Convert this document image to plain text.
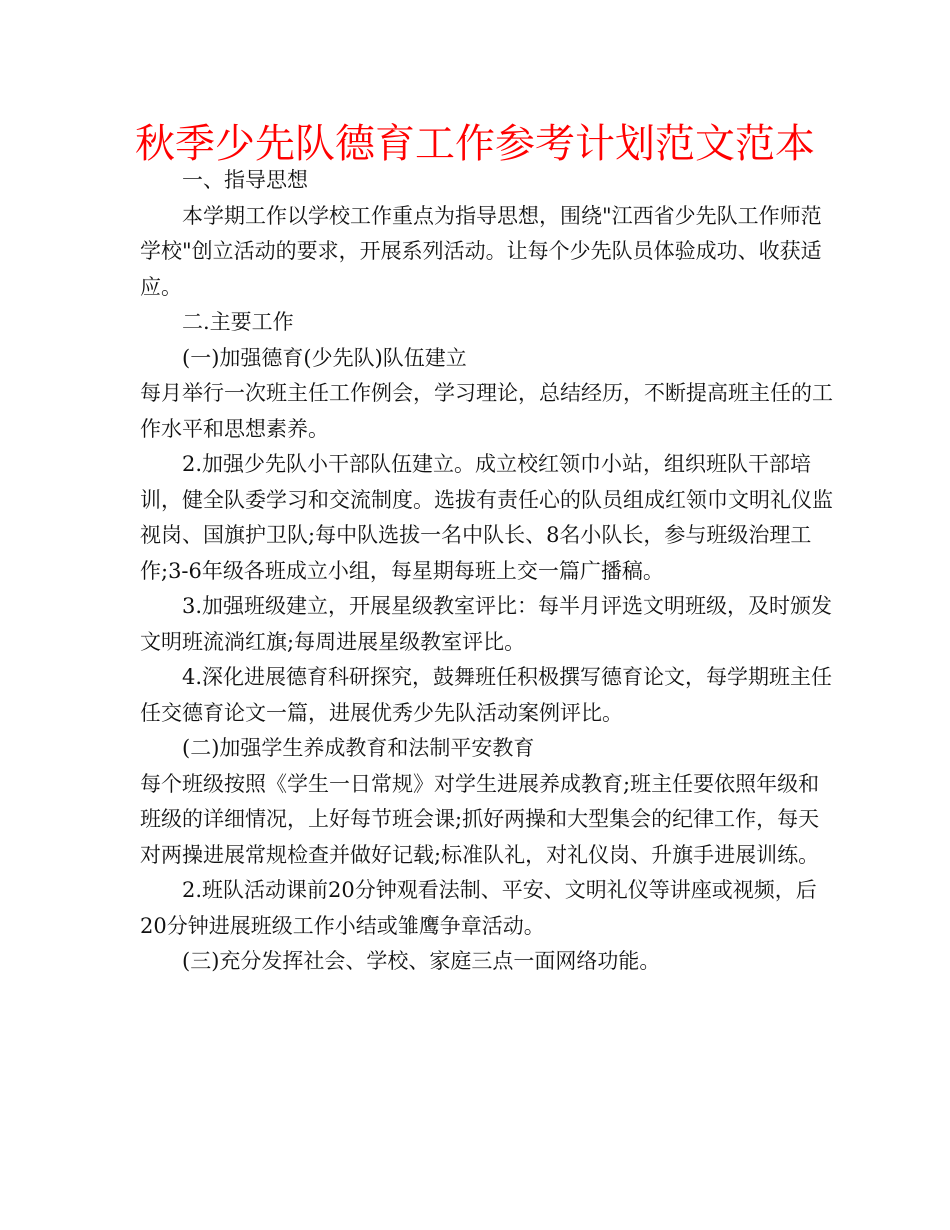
秋季少先队德育工作参考计划范文范本

一、指导思想

本学期工作以学校工作重点为指导思想，围绕"江西省少先队工作师范学校"创立活动的要求，开展系列活动。让每个少先队员体验成功、收获适应。

二.主要工作

(一)加强德育(少先队)队伍建立

每月举行一次班主任工作例会，学习理论，总结经历，不断提高班主任的工作水平和思想素养。

2.加强少先队小干部队伍建立。成立校红领巾小站，组织班队干部培训，健全队委学习和交流制度。选拔有责任心的队员组成红领巾文明礼仪监视岗、国旗护卫队;每中队选拔一名中队长、8名小队长，参与班级治理工作;3-6年级各班成立小组，每星期每班上交一篇广播稿。

3.加强班级建立，开展星级教室评比：每半月评选文明班级，及时颁发文明班流淌红旗;每周进展星级教室评比。

4.深化进展德育科研探究，鼓舞班任积极撰写德育论文，每学期班主任任交德育论文一篇，进展优秀少先队活动案例评比。

(二)加强学生养成教育和法制平安教育

每个班级按照《学生一日常规》对学生进展养成教育;班主任要依照年级和班级的详细情况，上好每节班会课;抓好两操和大型集会的纪律工作，每天对两操进展常规检查并做好记载;标准队礼，对礼仪岗、升旗手进展训练。

2.班队活动课前20分钟观看法制、平安、文明礼仪等讲座或视频，后20分钟进展班级工作小结或雏鹰争章活动。

(三)充分发挥社会、学校、家庭三点一面网络功能。
